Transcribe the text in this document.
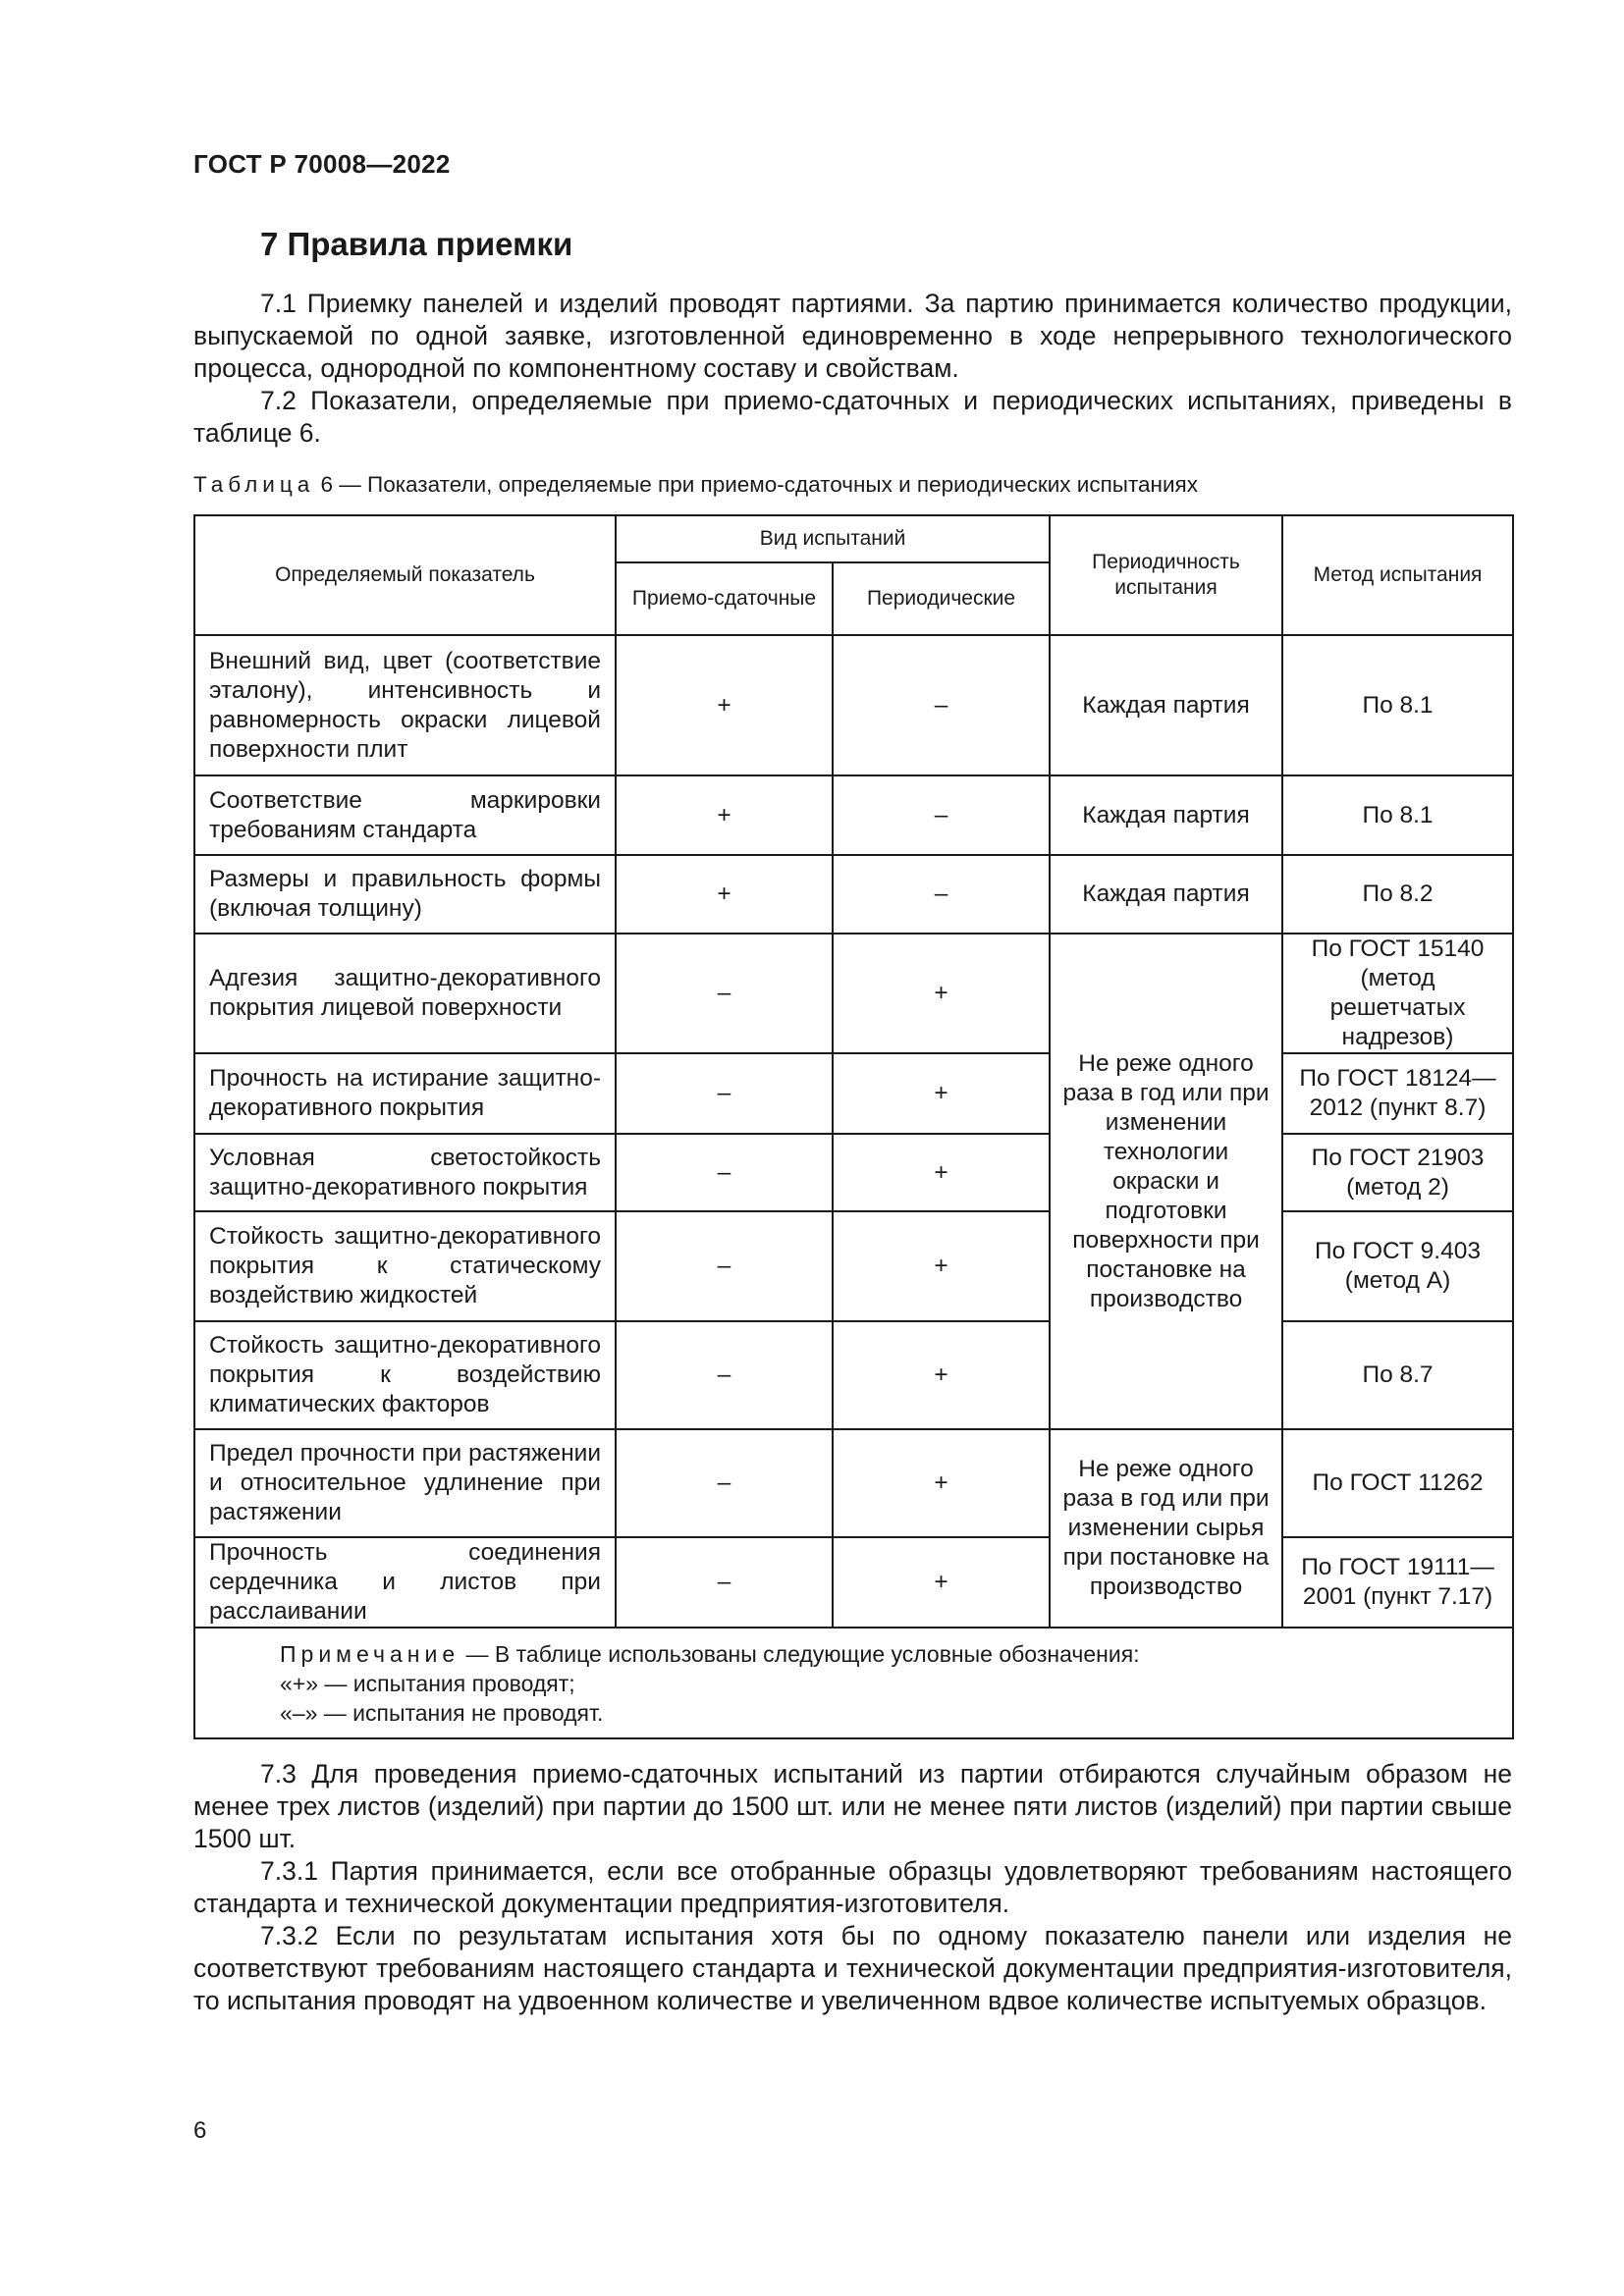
ГОСТ Р 70008—2022
7 Правила приемки
7.1 Приемку панелей и изделий проводят партиями. За партию принимается количество продукции, выпускаемой по одной заявке, изготовленной единовременно в ходе непрерывного технологического процесса, однородной по компонентному составу и свойствам.
7.2 Показатели, определяемые при приемо-сдаточных и периодических испытаниях, приведены в таблице 6.
Таблица 6 — Показатели, определяемые при приемо-сдаточных и периодических испытаниях
Определяемый показатель	Вид испытаний		Периодичность испытания	Метод испытания
	Приемо-сдаточные	Периодические		
Внешний вид, цвет (соответствие эталону), интенсивность и равномерность окраски лицевой поверхности плит	+	–	Каждая партия	По 8.1
Соответствие маркировки требованиям стандарта	+	–	Каждая партия	По 8.1
Размеры и правильность формы (включая толщину)	+	–	Каждая партия	По 8.2
Адгезия защитно-декоративного покрытия лицевой поверхности	–	+	Не реже одного раза в год или при изменении технологии окраски и подготовки поверхности при постановке на производство	По ГОСТ 15140 (метод решетчатых надрезов)
Прочность на истирание защитно-декоративного покрытия	–	+		По ГОСТ 18124—2012 (пункт 8.7)
Условная светостойкость защитно-декоративного покрытия	–	+		По ГОСТ 21903 (метод 2)
Стойкость защитно-декоративного покрытия к статическому воздействию жидкостей	–	+		По ГОСТ 9.403 (метод А)
Стойкость защитно-декоративного покрытия к воздействию климатических факторов	–	+		По 8.7
Предел прочности при растяжении и относительное удлинение при растяжении	–	+	Не реже одного раза в год или при изменении сырья при постановке на производство	По ГОСТ 11262
Прочность соединения сердечника и листов при расслаивании	–	+		По ГОСТ 19111—2001 (пункт 7.17)

Примечание — В таблице использованы следующие условные обозначения:
«+» — испытания проводят;
«–» — испытания не проводят.				
7.3 Для проведения приемо-сдаточных испытаний из партии отбираются случайным образом не менее трех листов (изделий) при партии до 1500 шт. или не менее пяти листов (изделий) при партии свыше 1500 шт.
7.3.1 Партия принимается, если все отобранные образцы удовлетворяют требованиям настоящего стандарта и технической документации предприятия-изготовителя.
7.3.2 Если по результатам испытания хотя бы по одному показателю панели или изделия не соответствуют требованиям настоящего стандарта и технической документации предприятия-изготовителя, то испытания проводят на удвоенном количестве и увеличенном вдвое количестве испытуемых образцов.
6
